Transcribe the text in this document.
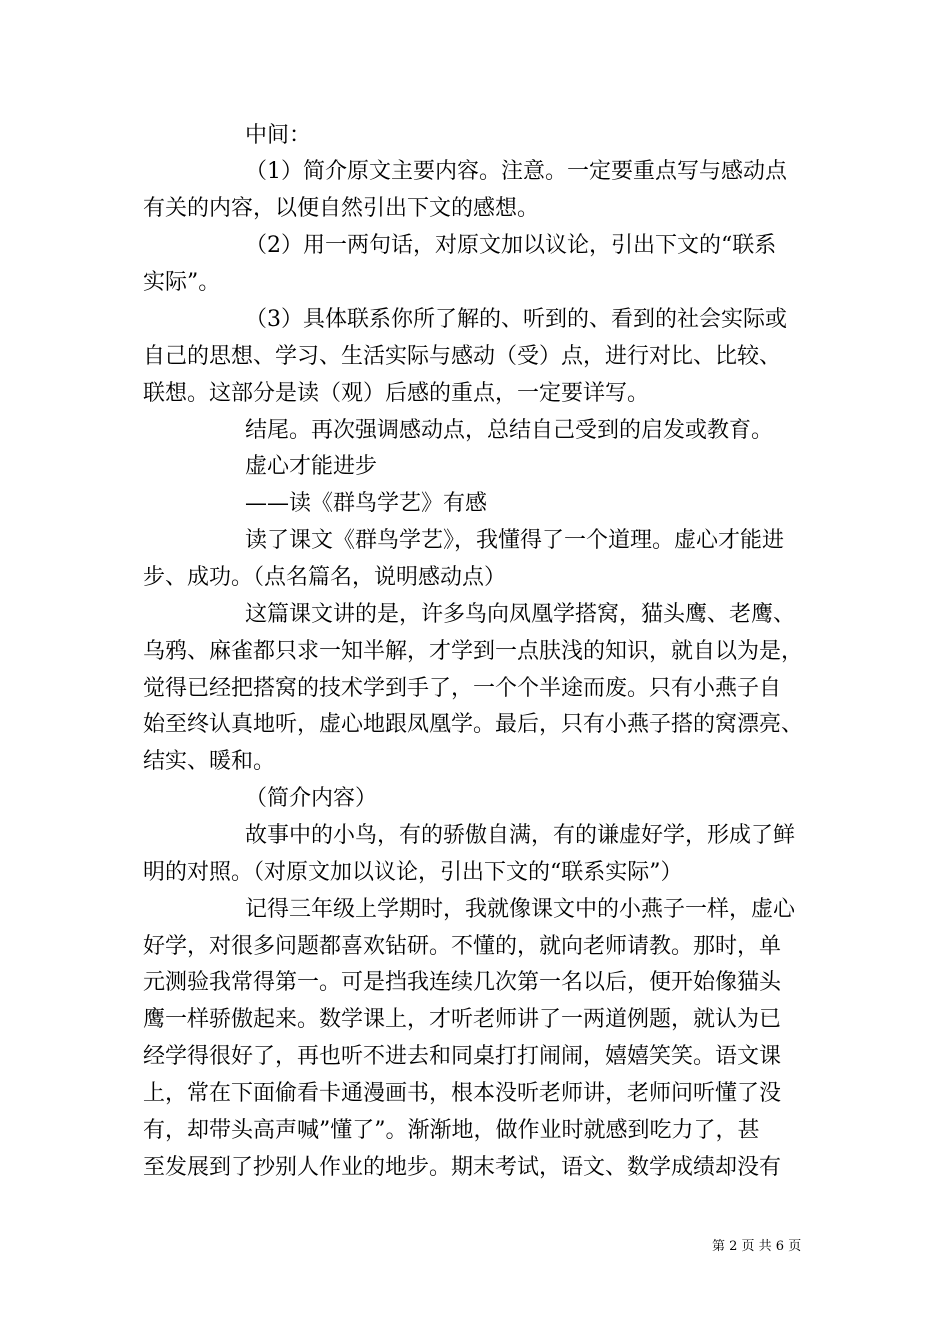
中间：
（1）简介原文主要内容。注意。一定要重点写与感动点
有关的内容，以便自然引出下文的感想。
（2）用一两句话，对原文加以议论，引出下文的“联系
实际”。
（3）具体联系你所了解的、听到的、看到的社会实际或
自己的思想、学习、生活实际与感动（受）点，进行对比、比较、
联想。这部分是读（观）后感的重点，一定要详写。
结尾。再次强调感动点，总结自己受到的启发或教育。
虚心才能进步
——读《群鸟学艺》有感
读了课文《群鸟学艺》，我懂得了一个道理。虚心才能进
步、成功。（点名篇名，说明感动点）
这篇课文讲的是，许多鸟向凤凰学搭窝，猫头鹰、老鹰、
乌鸦、麻雀都只求一知半解，才学到一点肤浅的知识，就自以为是，
觉得已经把搭窝的技术学到手了，一个个半途而废。只有小燕子自
始至终认真地听，虚心地跟凤凰学。最后，只有小燕子搭的窝漂亮、
结实、暖和。
（简介内容）
故事中的小鸟，有的骄傲自满，有的谦虚好学，形成了鲜
明的对照。（对原文加以议论，引出下文的“联系实际”）
记得三年级上学期时，我就像课文中的小燕子一样，虚心
好学，对很多问题都喜欢钻研。不懂的，就向老师请教。那时，单
元测验我常得第一。可是挡我连续几次第一名以后，便开始像猫头
鹰一样骄傲起来。数学课上，才听老师讲了一两道例题，就认为已
经学得很好了，再也听不进去和同桌打打闹闹，嬉嬉笑笑。语文课
上，常在下面偷看卡通漫画书，根本没听老师讲，老师问听懂了没
有，却带头高声喊”懂了”。渐渐地，做作业时就感到吃力了，甚
至发展到了抄别人作业的地步。期末考试，语文、数学成绩却没有
第 2 页 共 6 页
